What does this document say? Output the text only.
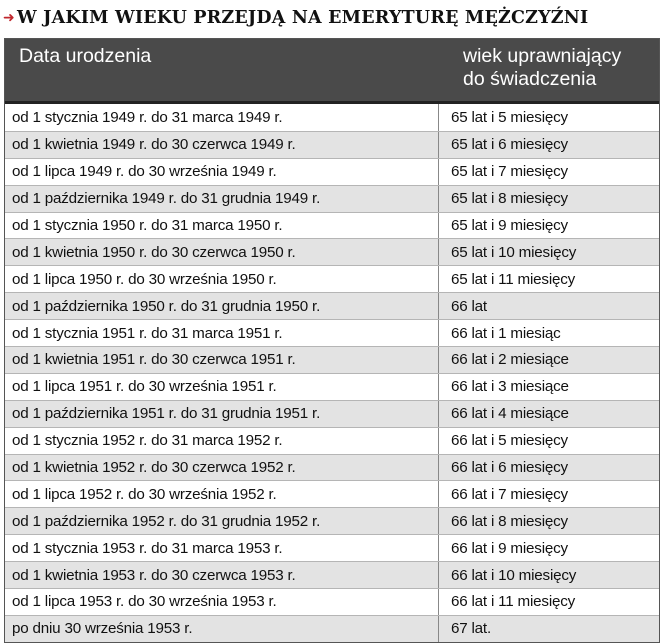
➜ W JAKIM WIEKU PRZEJDĄ NA EMERYTURĘ MĘŻCZYŹNI
Data urodzenia	wiek uprawniający
do świadczenia
od 1 stycznia 1949 r. do 31 marca 1949 r.	65 lat i 5 miesięcy
od 1 kwietnia 1949 r. do 30 czerwca 1949 r.	65 lat i 6 miesięcy
od 1 lipca 1949 r. do 30 września 1949 r.	65 lat i 7 miesięcy
od 1 października 1949 r. do 31 grudnia 1949 r.	65 lat i 8 miesięcy
od 1 stycznia 1950 r. do 31 marca 1950 r.	65 lat i 9 miesięcy
od 1 kwietnia 1950 r. do 30 czerwca 1950 r.	65 lat i 10 miesięcy
od 1 lipca 1950 r. do 30 września 1950 r.	65 lat i 11 miesięcy
od 1 października 1950 r. do 31 grudnia 1950 r.	66 lat
od 1 stycznia 1951 r. do 31 marca 1951 r.	66 lat i 1 miesiąc
od 1 kwietnia 1951 r. do 30 czerwca 1951 r.	66 lat i 2 miesiące
od 1 lipca 1951 r. do 30 września 1951 r.	66 lat i 3 miesiące
od 1 października 1951 r. do 31 grudnia 1951 r.	66 lat i 4 miesiące
od 1 stycznia 1952 r. do 31 marca 1952 r.	66 lat i 5 miesięcy
od 1 kwietnia 1952 r. do 30 czerwca 1952 r.	66 lat i 6 miesięcy
od 1 lipca 1952 r. do 30 września 1952 r.	66 lat i 7 miesięcy
od 1 października 1952 r. do 31 grudnia 1952 r.	66 lat i 8 miesięcy
od 1 stycznia 1953 r. do 31 marca 1953 r.	66 lat i 9 miesięcy
od 1 kwietnia 1953 r. do 30 czerwca 1953 r.	66 lat i 10 miesięcy
od 1 lipca 1953 r. do 30 września 1953 r.	66 lat i 11 miesięcy
po dniu 30 września 1953 r.	67 lat.
